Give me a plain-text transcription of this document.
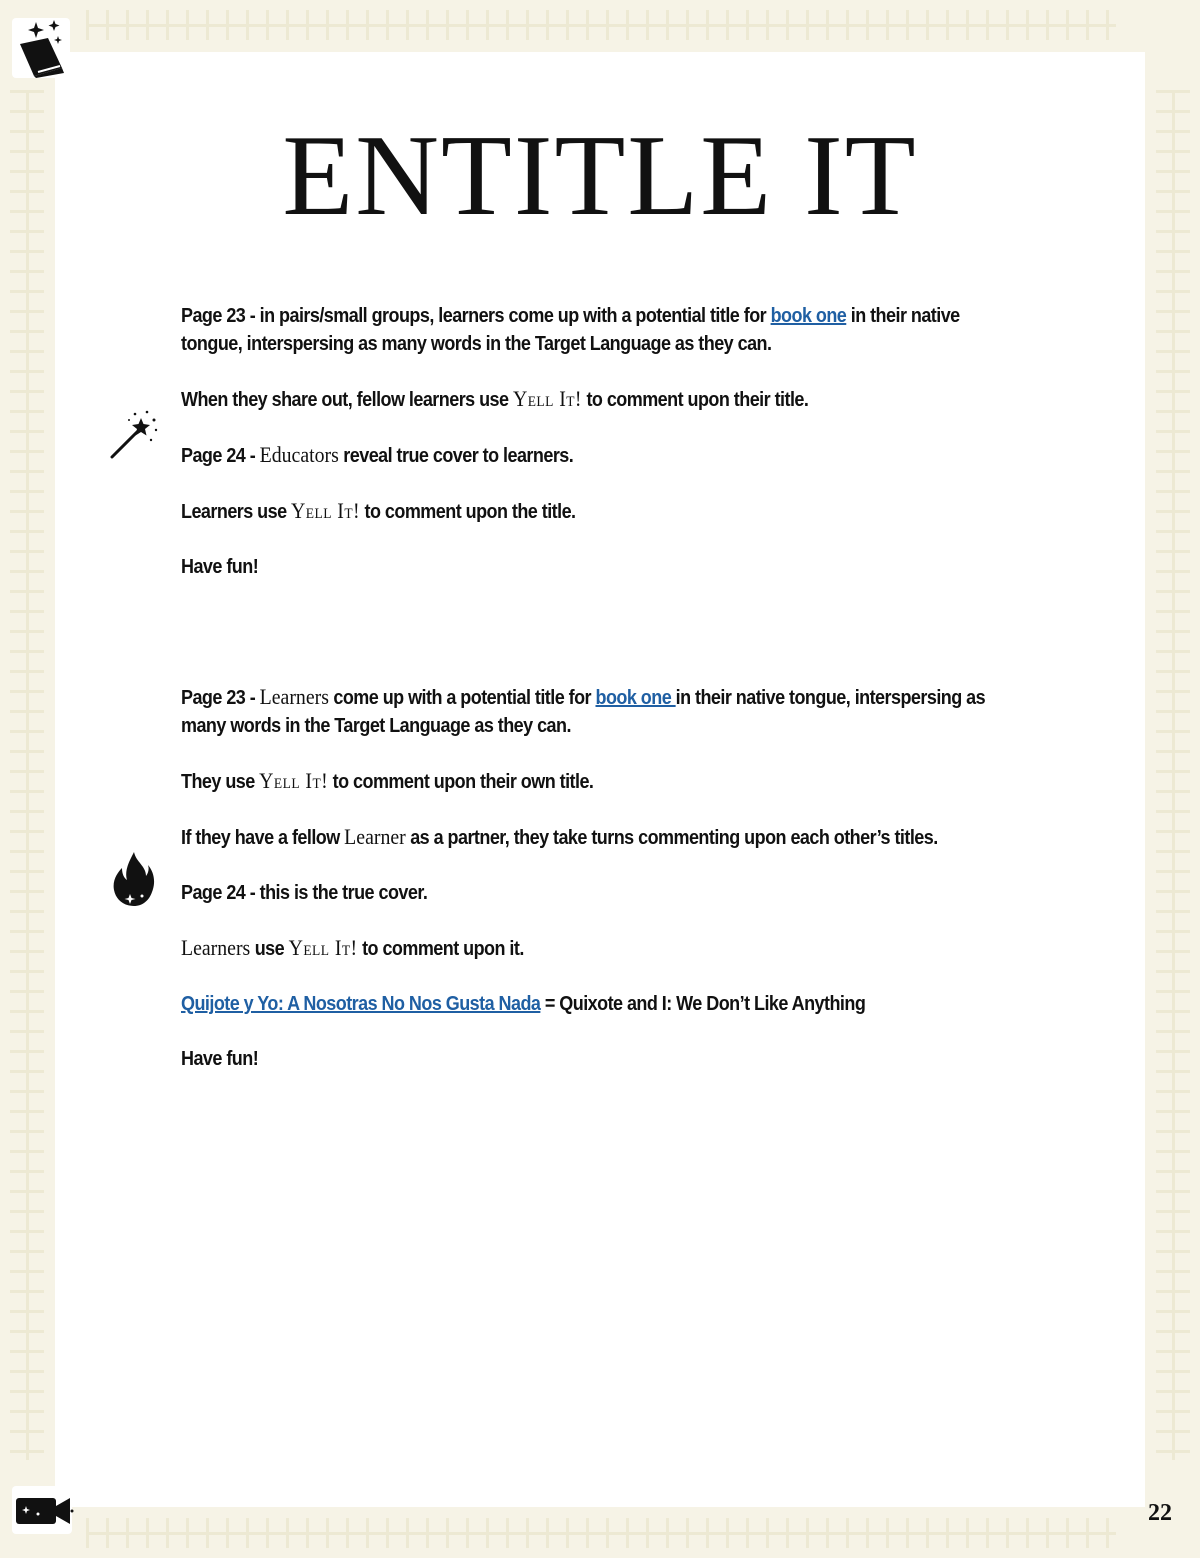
ENTITLE IT

Page 23 - in pairs/small groups, learners come up with a potential title for book one in their native tongue, interspersing as many words in the Target Language as they can.

When they share out, fellow learners use Yell It! to comment upon their title.

Page 24 - Educators reveal true cover to learners.

Learners use Yell It! to comment upon the title.

Have fun!

Page 23 - Learners come up with a potential title for book one in their native tongue, interspersing as many words in the Target Language as they can.

They use Yell It! to comment upon their own title.

If they have a fellow Learner as a partner, they take turns commenting upon each other’s titles.

Page 24 - this is the true cover.

Learners use Yell It! to comment upon it.

Quijote y Yo: A Nosotras No Nos Gusta Nada = Quixote and I: We Don’t Like Anything

Have fun!

22
